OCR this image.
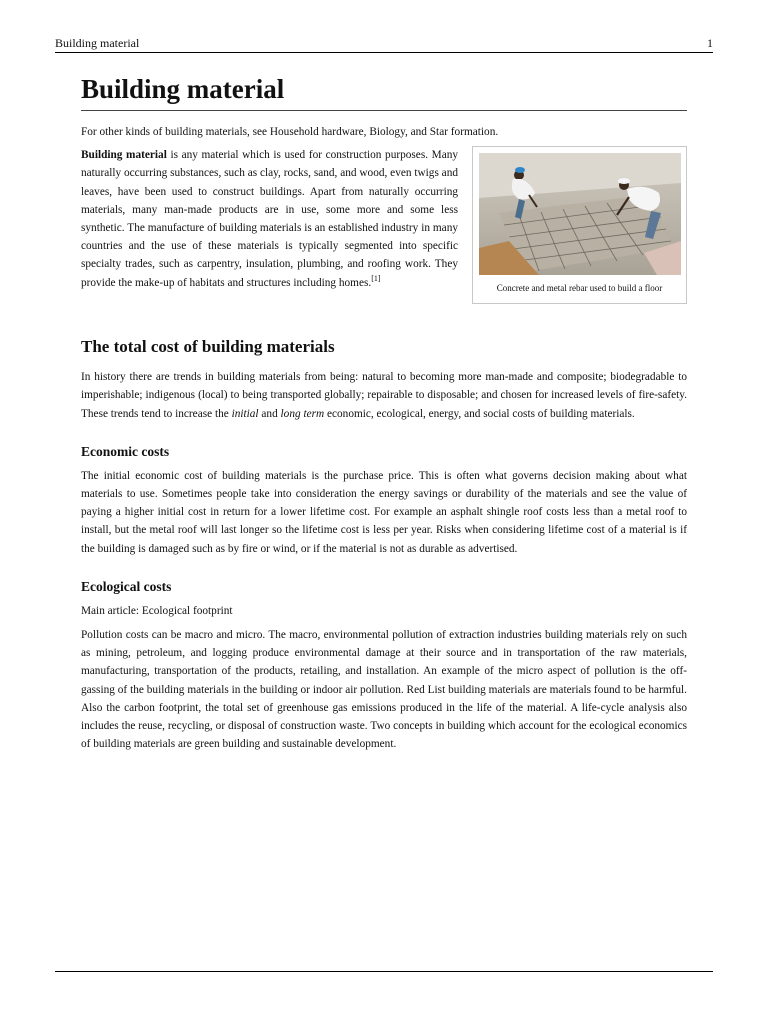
Building material	1
Building material

For other kinds of building materials, see Household hardware, Biology, and Star formation.

Concrete and metal rebar used to build a floor

Building material is any material which is used for construction purposes. Many naturally occurring substances, such as clay, rocks, sand, and wood, even twigs and leaves, have been used to construct buildings. Apart from naturally occurring materials, many man-made products are in use, some more and some less synthetic. The manufacture of building materials is an established industry in many countries and the use of these materials is typically segmented into specific specialty trades, such as carpentry, insulation, plumbing, and roofing work. They provide the make-up of habitats and structures including homes.[1]

The total cost of building materials

In history there are trends in building materials from being: natural to becoming more man-made and composite; biodegradable to imperishable; indigenous (local) to being transported globally; repairable to disposable; and chosen for increased levels of fire-safety. These trends tend to increase the initial and long term economic, ecological, energy, and social costs of building materials.

Economic costs

The initial economic cost of building materials is the purchase price. This is often what governs decision making about what materials to use. Sometimes people take into consideration the energy savings or durability of the materials and see the value of paying a higher initial cost in return for a lower lifetime cost. For example an asphalt shingle roof costs less than a metal roof to install, but the metal roof will last longer so the lifetime cost is less per year. Risks when considering lifetime cost of a material is if the building is damaged such as by fire or wind, or if the material is not as durable as advertised.

Ecological costs

Main article: Ecological footprint

Pollution costs can be macro and micro. The macro, environmental pollution of extraction industries building materials rely on such as mining, petroleum, and logging produce environmental damage at their source and in transportation of the raw materials, manufacturing, transportation of the products, retailing, and installation. An example of the micro aspect of pollution is the off-gassing of the building materials in the building or indoor air pollution. Red List building materials are materials found to be harmful. Also the carbon footprint, the total set of greenhouse gas emissions produced in the life of the material. A life-cycle analysis also includes the reuse, recycling, or disposal of construction waste. Two concepts in building which account for the ecological economics of building materials are green building and sustainable development.
